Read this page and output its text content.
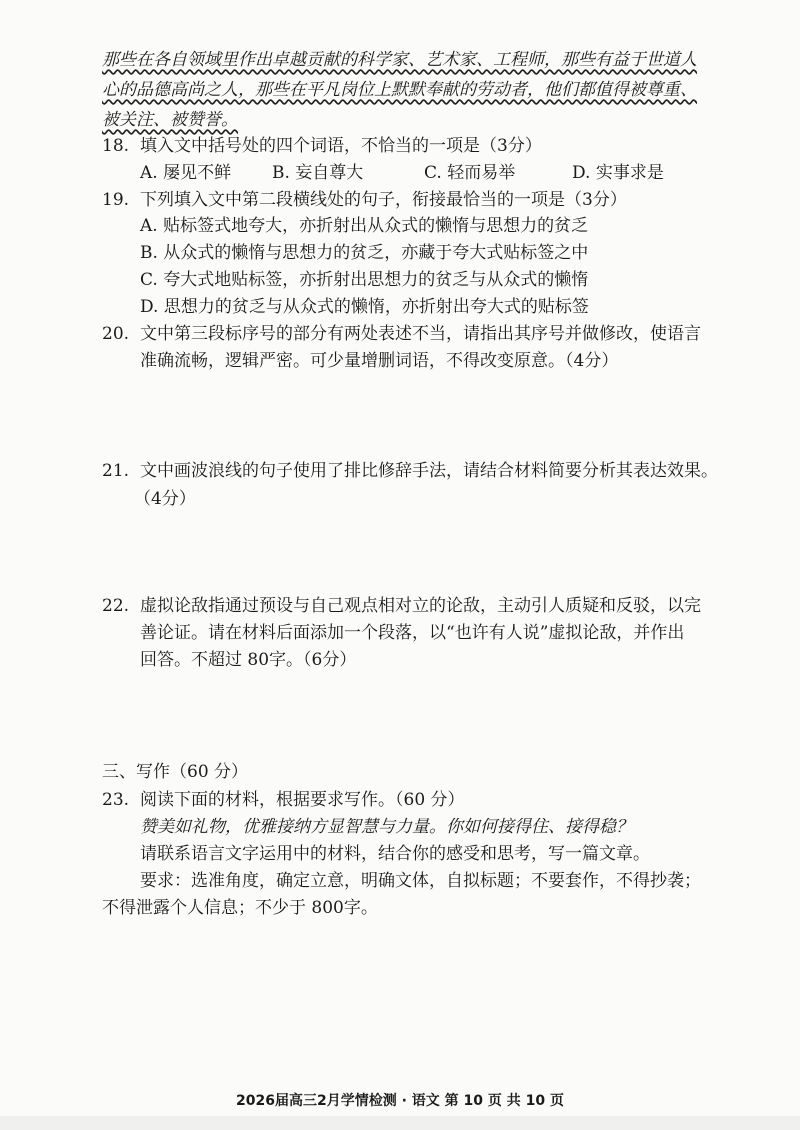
那些在各自领域里作出卓越贡献的科学家、艺术家、工程师，那些有益于世道人
心的品德高尚之人，那些在平凡岗位上默默奉献的劳动者，他们都值得被尊重、
被关注、被赞誉。
18. 填入文中括号处的四个词语，不恰当的一项是（3分）
A. 屡见不鲜 B. 妄自尊大	C. 轻而易举	D. 实事求是
19. 下列填入文中第二段横线处的句子，衔接最恰当的一项是（3分）
A. 贴标签式地夸大，亦折射出从众式的懒惰与思想力的贫乏
B. 从众式的懒惰与思想力的贫乏，亦藏于夸大式贴标签之中
C. 夸大式地贴标签，亦折射出思想力的贫乏与从众式的懒惰
D. 思想力的贫乏与从众式的懒惰，亦折射出夸大式的贴标签
20. 文中第三段标序号的部分有两处表述不当，请指出其序号并做修改，使语言
准确流畅，逻辑严密。可少量增删词语，不得改变原意。（4分）
21. 文中画波浪线的句子使用了排比修辞手法，请结合材料简要分析其表达效果。
（4分）
22. 虚拟论敌指通过预设与自己观点相对立的论敌，主动引人质疑和反驳，以完
善论证。请在材料后面添加一个段落，以“也许有人说”虚拟论敌，并作出
回答。不超过 80字。（6分）
三、写作（60 分）
23. 阅读下面的材料，根据要求写作。（60 分）
赞美如礼物，优雅接纳方显智慧与力量。你如何接得住、接得稳？
请联系语言文字运用中的材料，结合你的感受和思考，写一篇文章。
要求：选准角度，确定立意，明确文体，自拟标题；不要套作，不得抄袭；
不得泄露个人信息；不少于 800字。
2026届高三2月学情检测 · 语文 第 10 页 共 10 页
